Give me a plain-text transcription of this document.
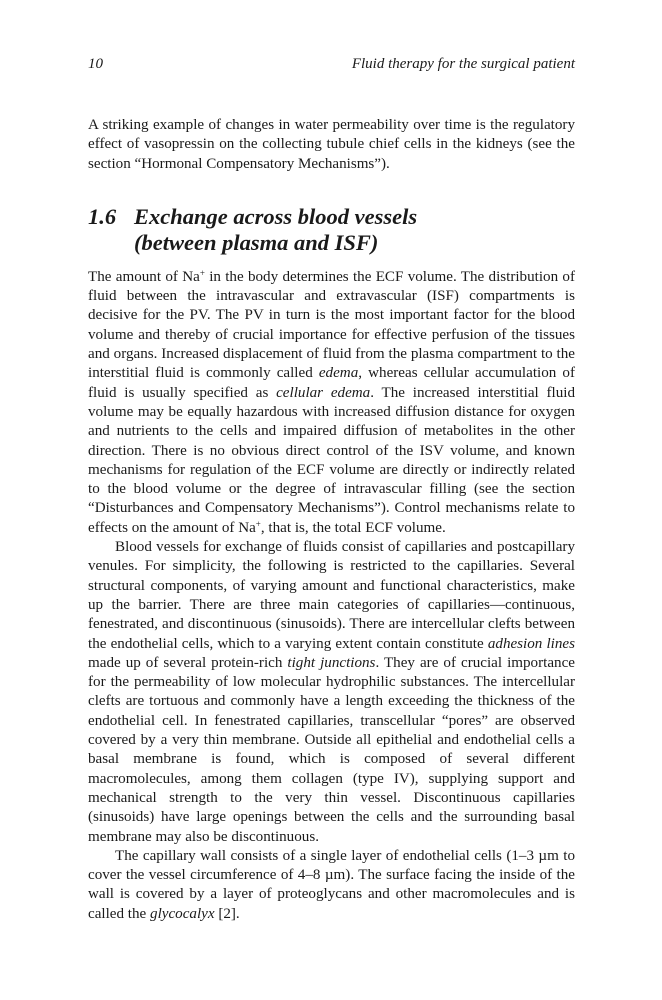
10	Fluid therapy for the surgical patient

A striking example of changes in water permeability over time is the regulatory effect of vasopressin on the collecting tubule chief cells in the kidneys (see the section “Hormonal Compensatory Mechanisms”).

1.6 Exchange across blood vessels
(between plasma and ISF)

The amount of Na + in the body determines the ECF volume. The distribution of fluid between the intravascular and extravascular (ISF) compartments is decisive for the PV. The PV in turn is the most important factor for the blood volume and thereby of crucial importance for effective perfusion of the tissues and organs. Increased displacement of fluid from the plasma compartment to the interstitial fluid is commonly called edema, whereas cellular accumulation of fluid is usually specified as cellular edema. The increased interstitial fluid volume may be equally hazardous with increased diffusion distance for oxygen and nutrients to the cells and impaired diffusion of metabolites in the other direction. There is no obvious direct control of the ISV volume, and known mechanisms for regulation of the ECF volume are directly or indirectly related to the blood volume or the degree of intravascular filling (see the section “Disturbances and Compensatory Mechanisms”). Control mechanisms relate to effects on the amount of Na + , that is, the total ECF volume.

Blood vessels for exchange of fluids consist of capillaries and postcapillary venules. For simplicity, the following is restricted to the capillaries. Several structural components, of varying amount and functional characteristics, make up the barrier. There are three main categories of capillaries—continuous, fenestrated, and discontinuous (sinusoids). There are intercellular clefts between the endothelial cells, which to a varying extent contain constitute adhesion lines made up of several protein-rich tight junctions. They are of crucial importance for the permeability of low molecular hydrophilic substances. The intercellular clefts are tortuous and commonly have a length exceeding the thickness of the endothelial cell. In fenestrated capillaries, transcellular “pores” are observed covered by a very thin membrane. Outside all epithelial and endothelial cells a basal membrane is found, which is composed of several different macromolecules, among them collagen (type IV), supplying support and mechanical strength to the very thin vessel. Discontinuous capillaries (sinusoids) have large openings between the cells and the surrounding basal membrane may also be discontinuous.

The capillary wall consists of a single layer of endothelial cells (1–3 µm to cover the vessel circumference of 4–8 µm). The surface facing the inside of the wall is covered by a layer of proteoglycans and other macromolecules and is called the glycocalyx [2].
